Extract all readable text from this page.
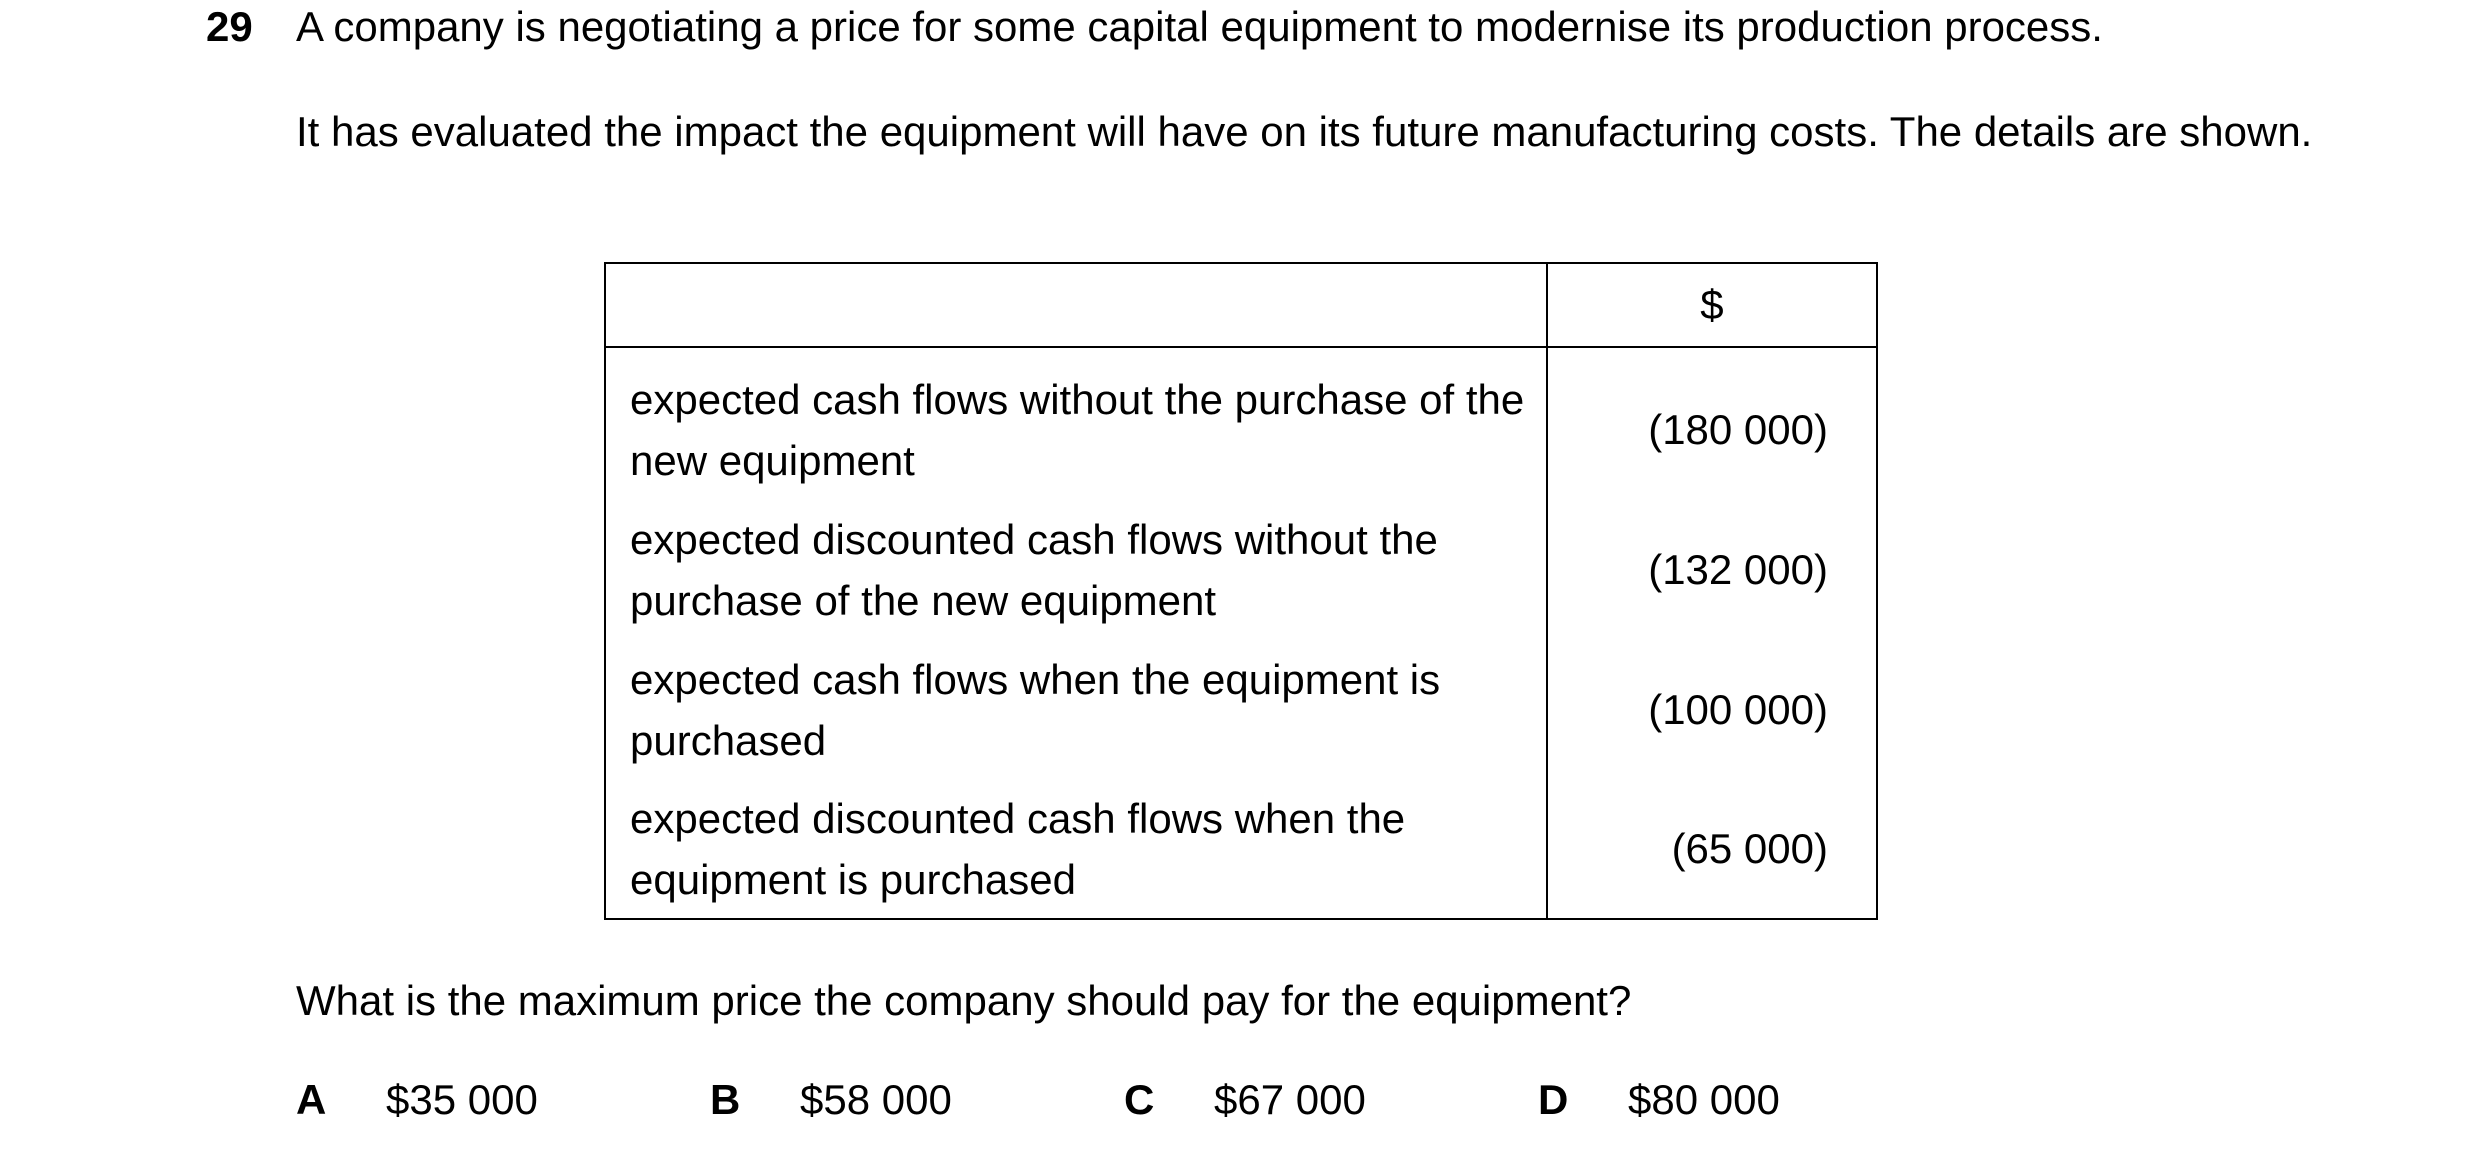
29 A company is negotiating a price for some capital equipment to modernise its production process.

It has evaluated the impact the equipment will have on its future manufacturing costs. The details are shown.

	$
expected cash flows without the purchase of the new equipment	(180 000)
expected discounted cash flows without the purchase of the new equipment	(132 000)
expected cash flows when the equipment is purchased	(100 000)
expected discounted cash flows when the equipment is purchased	(65 000)

What is the maximum price the company should pay for the equipment?

A $35 000	B $58 000	C $67 000	D $80 000
